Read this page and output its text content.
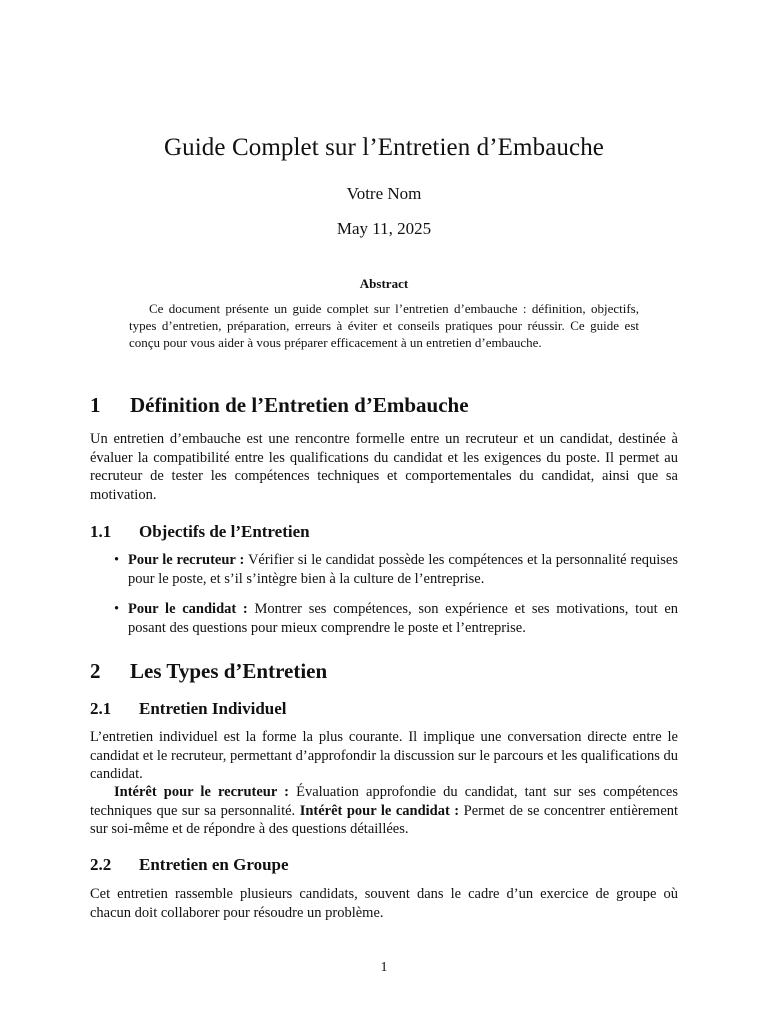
Guide Complet sur l’Entretien d’Embauche
Votre Nom
May 11, 2025
Abstract
Ce document présente un guide complet sur l’entretien d’embauche : définition, objectifs, types d’entretien, préparation, erreurs à éviter et conseils pratiques pour réussir. Ce guide est conçu pour vous aider à vous préparer efficacement à un entretien d’embauche.
1 Définition de l’Entretien d’Embauche
Un entretien d’embauche est une rencontre formelle entre un recruteur et un candidat, destinée à évaluer la compatibilité entre les qualifications du candidat et les exigences du poste. Il permet au recruteur de tester les compétences techniques et comportementales du candidat, ainsi que sa motivation.
1.1 Objectifs de l’Entretien
• Pour le recruteur : Vérifier si le candidat possède les compétences et la personnalité requises pour le poste, et s’il s’intègre bien à la culture de l’entreprise.
• Pour le candidat : Montrer ses compétences, son expérience et ses motivations, tout en posant des questions pour mieux comprendre le poste et l’entreprise.
2 Les Types d’Entretien
2.1 Entretien Individuel
L’entretien individuel est la forme la plus courante. Il implique une conversation directe entre le candidat et le recruteur, permettant d’approfondir la discussion sur le parcours et les qualifications du candidat.
Intérêt pour le recruteur : Évaluation approfondie du candidat, tant sur ses compétences techniques que sur sa personnalité. Intérêt pour le candidat : Permet de se concentrer entièrement sur soi-même et de répondre à des questions détaillées.
2.2 Entretien en Groupe
Cet entretien rassemble plusieurs candidats, souvent dans le cadre d’un exercice de groupe où chacun doit collaborer pour résoudre un problème.
1
